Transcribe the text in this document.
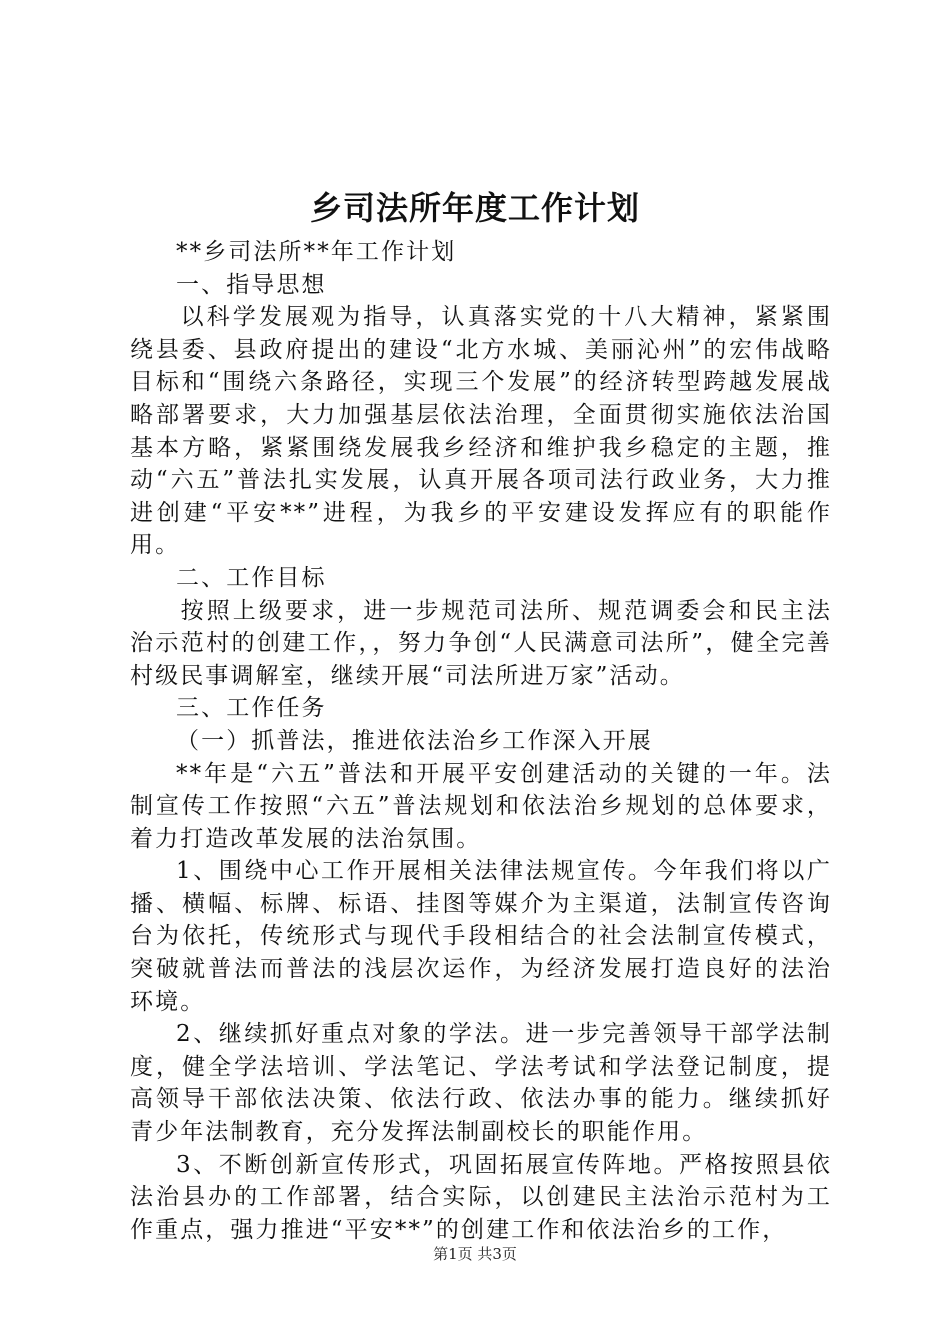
乡司法所年度工作计划

**乡司法所**年工作计划

一、指导思想

以科学发展观为指导，认真落实党的十八大精神，紧紧围绕县委、县政府提出的建设“北方水城、美丽沁州”的宏伟战略目标和“围绕六条路径，实现三个发展”的经济转型跨越发展战略部署要求，大力加强基层依法治理，全面贯彻实施依法治国基本方略，紧紧围绕发展我乡经济和维护我乡稳定的主题，推动“六五”普法扎实发展，认真开展各项司法行政业务，大力推进创建“平安**”进程，为我乡的平安建设发挥应有的职能作用。

二、工作目标

按照上级要求，进一步规范司法所、规范调委会和民主法治示范村的创建工作，，努力争创“人民满意司法所”，健全完善村级民事调解室，继续开展“司法所进万家”活动。

三、工作任务

（一）抓普法，推进依法治乡工作深入开展

**年是“六五”普法和开展平安创建活动的关键的一年。法制宣传工作按照“六五”普法规划和依法治乡规划的总体要求，着力打造改革发展的法治氛围。

1、围绕中心工作开展相关法律法规宣传。今年我们将以广播、横幅、标牌、标语、挂图等媒介为主渠道，法制宣传咨询台为依托，传统形式与现代手段相结合的社会法制宣传模式，突破就普法而普法的浅层次运作，为经济发展打造良好的法治环境。

2、继续抓好重点对象的学法。进一步完善领导干部学法制度，健全学法培训、学法笔记、学法考试和学法登记制度，提高领导干部依法决策、依法行政、依法办事的能力。继续抓好青少年法制教育，充分发挥法制副校长的职能作用。

3、不断创新宣传形式，巩固拓展宣传阵地。严格按照县依法治县办的工作部署，结合实际，以创建民主法治示范村为工作重点，强力推进“平安**”的创建工作和依法治乡的工作，

第1页 共3页
